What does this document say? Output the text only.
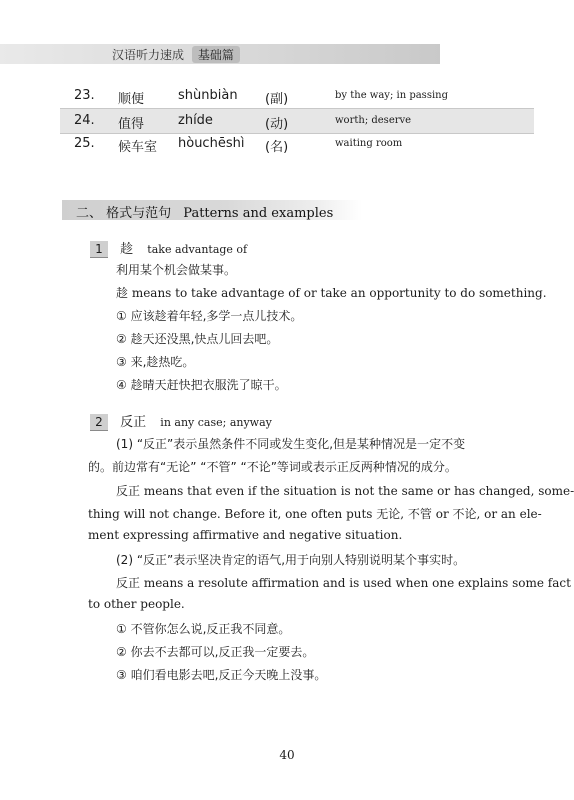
汉语听力速成 基础篇
23. 顺便	shùnbiàn (副)	by the way; in passing
24. 值得	zhíde	(动)	worth; deserve
25. 候车室 hòuchēshì (名)	waiting room
二、 格式与范句 Patterns and examples
1 趁 take advantage of
利用某个机会做某事。
趁 means to take advantage of or take an opportunity to do something.
① 应该趁着年轻,多学一点儿技术。
② 趁天还没黑,快点儿回去吧。
③ 来,趁热吃。
④ 趁晴天赶快把衣服洗了晾干。
2 反正 in any case; anyway
(1) “反正”表示虽然条件不同或发生变化,但是某种情况是一定不变
的。前边常有“无论” “不管” “不论”等词或表示正反两种情况的成分。
反正 means that even if the situation is not the same or has changed, some-
thing will not change. Before it, one often puts 无论, 不管 or 不论, or an ele-
ment expressing affirmative and negative situation.
(2) “反正”表示坚决肯定的语气,用于向别人特别说明某个事实时。
反正 means a resolute affirmation and is used when one explains some fact
to other people.
① 不管你怎么说,反正我不同意。
② 你去不去都可以,反正我一定要去。
③ 咱们看电影去吧,反正今天晚上没事。
40
